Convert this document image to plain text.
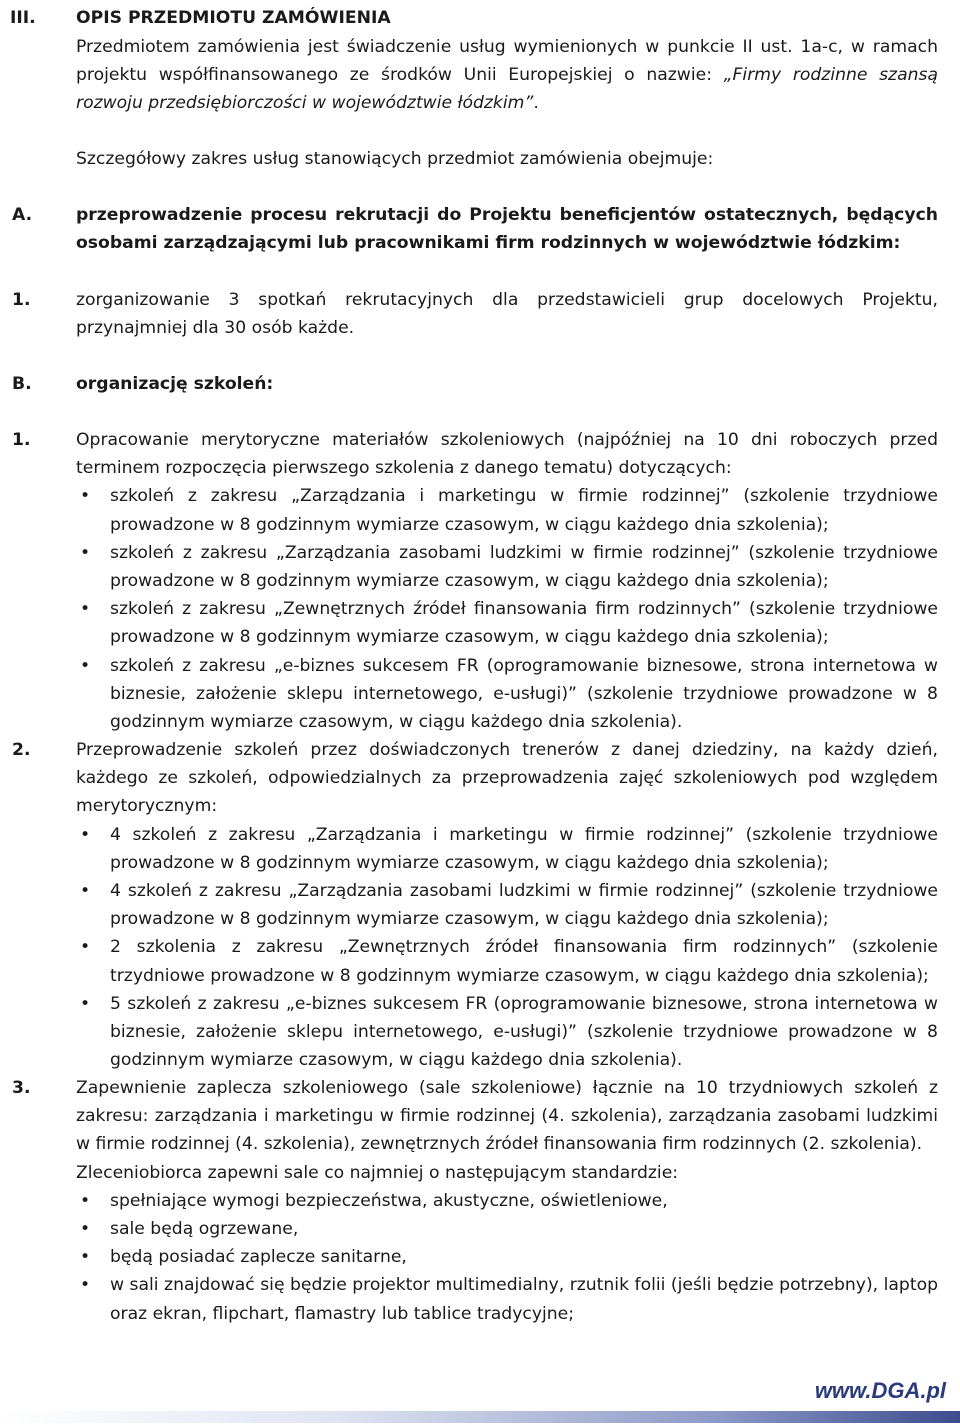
III. OPIS PRZEDMIOTU ZAMÓWIENIA
Przedmiotem zamówienia jest świadczenie usług wymienionych w punkcie II ust. 1a-c, w ramach projektu współfinansowanego ze środków Unii Europejskiej o nazwie: „Firmy rodzinne szansą rozwoju przedsiębiorczości w województwie łódzkim”.
Szczegółowy zakres usług stanowiących przedmiot zamówienia obejmuje:
A.	przeprowadzenie procesu rekrutacji do Projektu beneficjentów ostatecznych, będących osobami zarządzającymi lub pracownikami firm rodzinnych w województwie łódzkim:
1.	zorganizowanie 3 spotkań rekrutacyjnych dla przedstawicieli grup docelowych Projektu, przynajmniej dla 30 osób każde.
B.	organizację szkoleń:
1.	Opracowanie merytoryczne materiałów szkoleniowych (najpóźniej na 10 dni roboczych przed terminem rozpoczęcia pierwszego szkolenia z danego tematu) dotyczących:
• szkoleń z zakresu „Zarządzania i marketingu w firmie rodzinnej” (szkolenie trzydniowe prowadzone w 8 godzinnym wymiarze czasowym, w ciągu każdego dnia szkolenia);
• szkoleń z zakresu „Zarządzania zasobami ludzkimi w firmie rodzinnej” (szkolenie trzydniowe prowadzone w 8 godzinnym wymiarze czasowym, w ciągu każdego dnia szkolenia);
• szkoleń z zakresu „Zewnętrznych źródeł finansowania firm rodzinnych” (szkolenie trzydniowe prowadzone w 8 godzinnym wymiarze czasowym, w ciągu każdego dnia szkolenia);
• szkoleń z zakresu „e-biznes sukcesem FR (oprogramowanie biznesowe, strona internetowa w biznesie, założenie sklepu internetowego, e-usługi)” (szkolenie trzydniowe prowadzone w 8 godzinnym wymiarze czasowym, w ciągu każdego dnia szkolenia).
2.	Przeprowadzenie szkoleń przez doświadczonych trenerów z danej dziedziny, na każdy dzień, każdego ze szkoleń, odpowiedzialnych za przeprowadzenia zajęć szkoleniowych pod względem merytorycznym:
• 4 szkoleń z zakresu „Zarządzania i marketingu w firmie rodzinnej” (szkolenie trzydniowe prowadzone w 8 godzinnym wymiarze czasowym, w ciągu każdego dnia szkolenia);
• 4 szkoleń z zakresu „Zarządzania zasobami ludzkimi w firmie rodzinnej” (szkolenie trzydniowe prowadzone w 8 godzinnym wymiarze czasowym, w ciągu każdego dnia szkolenia);
• 2 szkolenia z zakresu „Zewnętrznych źródeł finansowania firm rodzinnych” (szkolenie trzydniowe prowadzone w 8 godzinnym wymiarze czasowym, w ciągu każdego dnia szkolenia);
• 5 szkoleń z zakresu „e-biznes sukcesem FR (oprogramowanie biznesowe, strona internetowa w biznesie, założenie sklepu internetowego, e-usługi)” (szkolenie trzydniowe prowadzone w 8 godzinnym wymiarze czasowym, w ciągu każdego dnia szkolenia).
3.	Zapewnienie zaplecza szkoleniowego (sale szkoleniowe) łącznie na 10 trzydniowych szkoleń z zakresu: zarządzania i marketingu w firmie rodzinnej (4. szkolenia), zarządzania zasobami ludzkimi w firmie rodzinnej (4. szkolenia), zewnętrznych źródeł finansowania firm rodzinnych (2. szkolenia).
Zleceniobiorca zapewni sale co najmniej o następującym standardzie:
• spełniające wymogi bezpieczeństwa, akustyczne, oświetleniowe,
• sale będą ogrzewane,
• będą posiadać zaplecze sanitarne,
• w sali znajdować się będzie projektor multimedialny, rzutnik folii (jeśli będzie potrzebny), laptop oraz ekran, flipchart, flamastry lub tablice tradycyjne;
www.DGA.pl
